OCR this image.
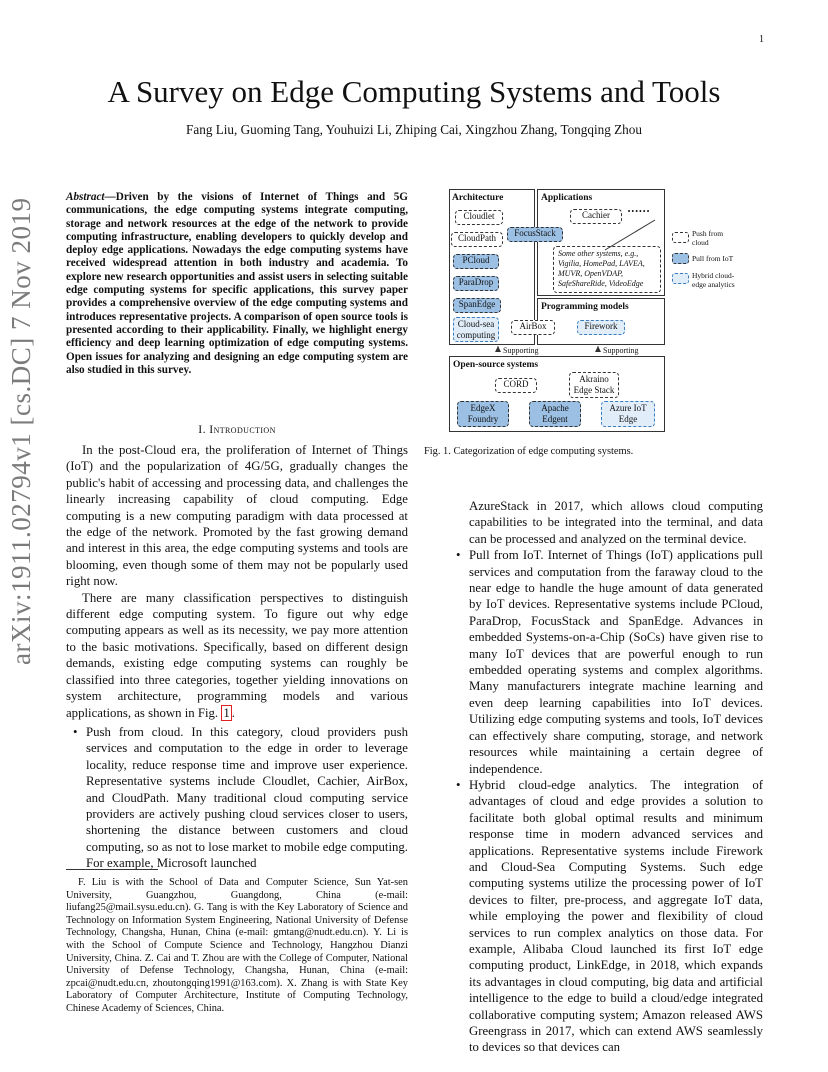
1
arXiv:1911.02794v1 [cs.DC] 7 Nov 2019
A Survey on Edge Computing Systems and Tools
Fang Liu, Guoming Tang, Youhuizi Li, Zhiping Cai, Xingzhou Zhang, Tongqing Zhou
Abstract—Driven by the visions of Internet of Things and 5G communications, the edge computing systems integrate computing, storage and network resources at the edge of the network to provide computing infrastructure, enabling developers to quickly develop and deploy edge applications. Nowadays the edge computing systems have received widespread attention in both industry and academia. To explore new research opportunities and assist users in selecting suitable edge computing systems for specific applications, this survey paper provides a comprehensive overview of the edge computing systems and introduces representative projects. A comparison of open source tools is presented according to their applicability. Finally, we highlight energy efficiency and deep learning optimization of edge computing systems. Open issues for analyzing and designing an edge computing system are also studied in this survey.
I. Introduction

In the post-Cloud era, the proliferation of Internet of Things (IoT) and the popularization of 4G/5G, gradually changes the public's habit of accessing and processing data, and challenges the linearly increasing capability of cloud computing. Edge computing is a new computing paradigm with data processed at the edge of the network. Promoted by the fast growing demand and interest in this area, the edge computing systems and tools are blooming, even though some of them may not be popularly used right now.

There are many classification perspectives to distinguish different edge computing system. To figure out why edge computing appears as well as its necessity, we pay more attention to the basic motivations. Specifically, based on different design demands, existing edge computing systems can roughly be classified into three categories, together yielding innovations on system architecture, programming models and various applications, as shown in Fig. 1 .

• Push from cloud. In this category, cloud providers push services and computation to the edge in order to leverage locality, reduce response time and improve user experience. Representative systems include Cloudlet, Cachier, AirBox, and CloudPath. Many traditional cloud computing service providers are actively pushing cloud services closer to users, shortening the distance between customers and cloud computing, so as not to lose market to mobile edge computing. For example, Microsoft launched
F. Liu is with the School of Data and Computer Science, Sun Yat-sen University, Guangzhou, Guangdong, China (e-mail: liufang25@mail.sysu.edu.cn). G. Tang is with the Key Laboratory of Science and Technology on Information System Engineering, National University of Defense Technology, Changsha, Hunan, China (e-mail: gmtang@nudt.edu.cn). Y. Li is with the School of Compute Science and Technology, Hangzhou Dianzi University, China. Z. Cai and T. Zhou are with the College of Computer, National University of Defense Technology, Changsha, Hunan, China (e-mail: zpcai@nudt.edu.cn, zhoutongqing1991@163.com). X. Zhang is with State Key Laboratory of Computer Architecture, Institute of Computing Technology, Chinese Academy of Sciences, China.
Architecture
Cloudlet
CloudPath
PCloud
ParaDrop
SpanEdge
Cloud-sea computing
Applications
Cachier	••••••
FocusStack
Some other systems, e.g., Vigilia, HomePad, LAVEA, MUVR, OpenVDAP, SafeShareRide, VideoEdge
Programming models
AirBox	Firework
Supporting	Supporting
Open-source systems
CORD	Akraino Edge Stack
EdgeX Foundry
Apache Edgent
Azure IoT Edge
Push from cloud
Pull from IoT
Hybrid cloud-edge analytics
Fig. 1. Categorization of edge computing systems.
AzureStack in 2017, which allows cloud computing capabilities to be integrated into the terminal, and data can be processed and analyzed on the terminal device.
• Pull from IoT. Internet of Things (IoT) applications pull services and computation from the faraway cloud to the near edge to handle the huge amount of data generated by IoT devices. Representative systems include PCloud, ParaDrop, FocusStack and SpanEdge. Advances in embedded Systems-on-a-Chip (SoCs) have given rise to many IoT devices that are powerful enough to run embedded operating systems and complex algorithms. Many manufacturers integrate machine learning and even deep learning capabilities into IoT devices. Utilizing edge computing systems and tools, IoT devices can effectively share computing, storage, and network resources while maintaining a certain degree of independence.
• Hybrid cloud-edge analytics. The integration of advantages of cloud and edge provides a solution to facilitate both global optimal results and minimum response time in modern advanced services and applications. Representative systems include Firework and Cloud-Sea Computing Systems. Such edge computing systems utilize the processing power of IoT devices to filter, pre-process, and aggregate IoT data, while employing the power and flexibility of cloud services to run complex analytics on those data. For example, Alibaba Cloud launched its first IoT edge computing product, LinkEdge, in 2018, which expands its advantages in cloud computing, big data and artificial intelligence to the edge to build a cloud/edge integrated collaborative computing system; Amazon released AWS Greengrass in 2017, which can extend AWS seamlessly to devices so that devices can
